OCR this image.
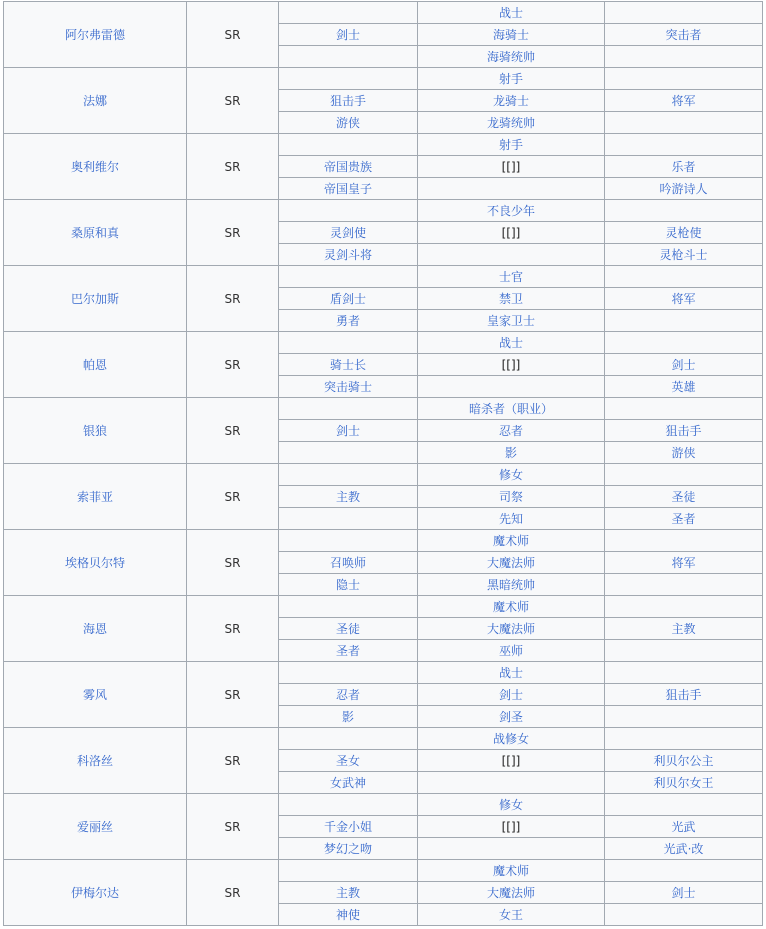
阿尔弗雷德	SR		战士	
		剑士	海骑士	突击者
			海骑统帅	
法娜	SR		射手	
		狙击手	龙骑士	将军
		游侠	龙骑统帅	
奥利维尔	SR		射手	
		帝国贵族	[[]]	乐者
		帝国皇子		吟游诗人
桑原和真	SR		不良少年	
		灵剑使	[[]]	灵枪使
		灵剑斗将		灵枪斗士
巴尔加斯	SR		士官	
		盾剑士	禁卫	将军
		勇者	皇家卫士	
帕恩	SR		战士	
		骑士长	[[]]	剑士
		突击骑士		英雄
银狼	SR		暗杀者（职业）	
		剑士	忍者	狙击手
			影	游侠
索菲亚	SR		修女	
		主教	司祭	圣徒
			先知	圣者
埃格贝尔特	SR		魔术师	
		召唤师	大魔法师	将军
		隐士	黑暗统帅	
海恩	SR		魔术师	
		圣徒	大魔法师	主教
		圣者	巫师	
雾风	SR		战士	
		忍者	剑士	狙击手
		影	剑圣	
科洛丝	SR		战修女	
		圣女	[[]]	利贝尔公主
		女武神		利贝尔女王
爱丽丝	SR		修女	
		千金小姐	[[]]	光武
		梦幻之吻		光武·改
伊梅尔达	SR		魔术师	
		主教	大魔法师	剑士
		神使	女王	
